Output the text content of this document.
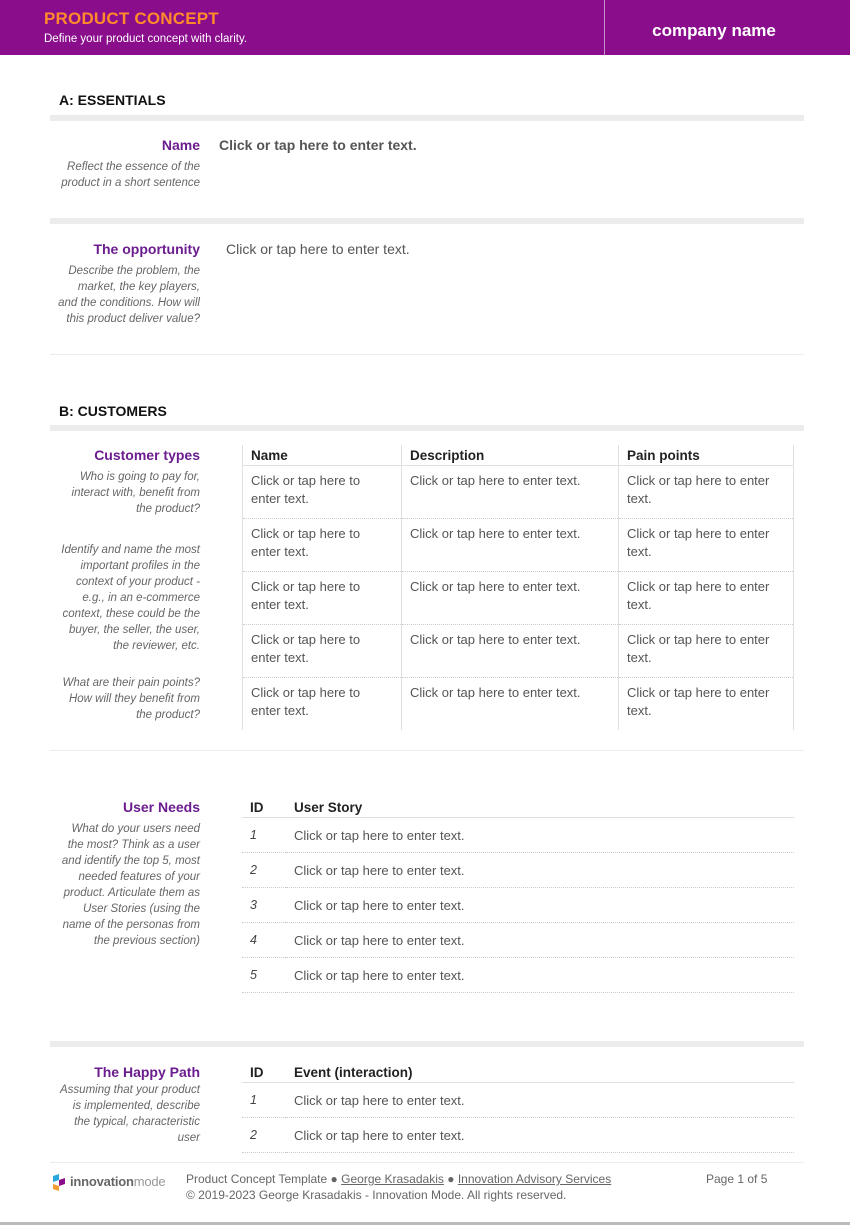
PRODUCT CONCEPT
Define your product concept with clarity.	company name
A: ESSENTIALS
Name
Reflect the essence of the product in a short sentence
Click or tap here to enter text.
The opportunity
Describe the problem, the market, the key players, and the conditions. How will this product deliver value?
Click or tap here to enter text.
B: CUSTOMERS
Customer types
Who is going to pay for, interact with, benefit from the product?
Identify and name the most important profiles in the context of your product - e.g., in an e-commerce context, these could be the buyer, the seller, the user, the reviewer, etc.
What are their pain points? How will they benefit from the product?
Name	Description	Pain points
Click or tap here to enter text.	Click or tap here to enter text.	Click or tap here to enter text.
Click or tap here to enter text.	Click or tap here to enter text.	Click or tap here to enter text.
Click or tap here to enter text.	Click or tap here to enter text.	Click or tap here to enter text.
Click or tap here to enter text.	Click or tap here to enter text.	Click or tap here to enter text.
Click or tap here to enter text.	Click or tap here to enter text.	Click or tap here to enter text.
User Needs
What do your users need the most? Think as a user and identify the top 5, most needed features of your product. Articulate them as User Stories (using the name of the personas from the previous section)
ID	User Story
1	Click or tap here to enter text.
2	Click or tap here to enter text.
3	Click or tap here to enter text.
4	Click or tap here to enter text.
5	Click or tap here to enter text.
The Happy Path
Assuming that your product is implemented, describe the typical, characteristic user
ID	Event (interaction)
1	Click or tap here to enter text.
2	Click or tap here to enter text.
innovationmode Product Concept Template ● George Krasadakis ● Innovation Advisory Services
© 2019-2023 George Krasadakis - Innovation Mode. All rights reserved.
Page 1 of 5
